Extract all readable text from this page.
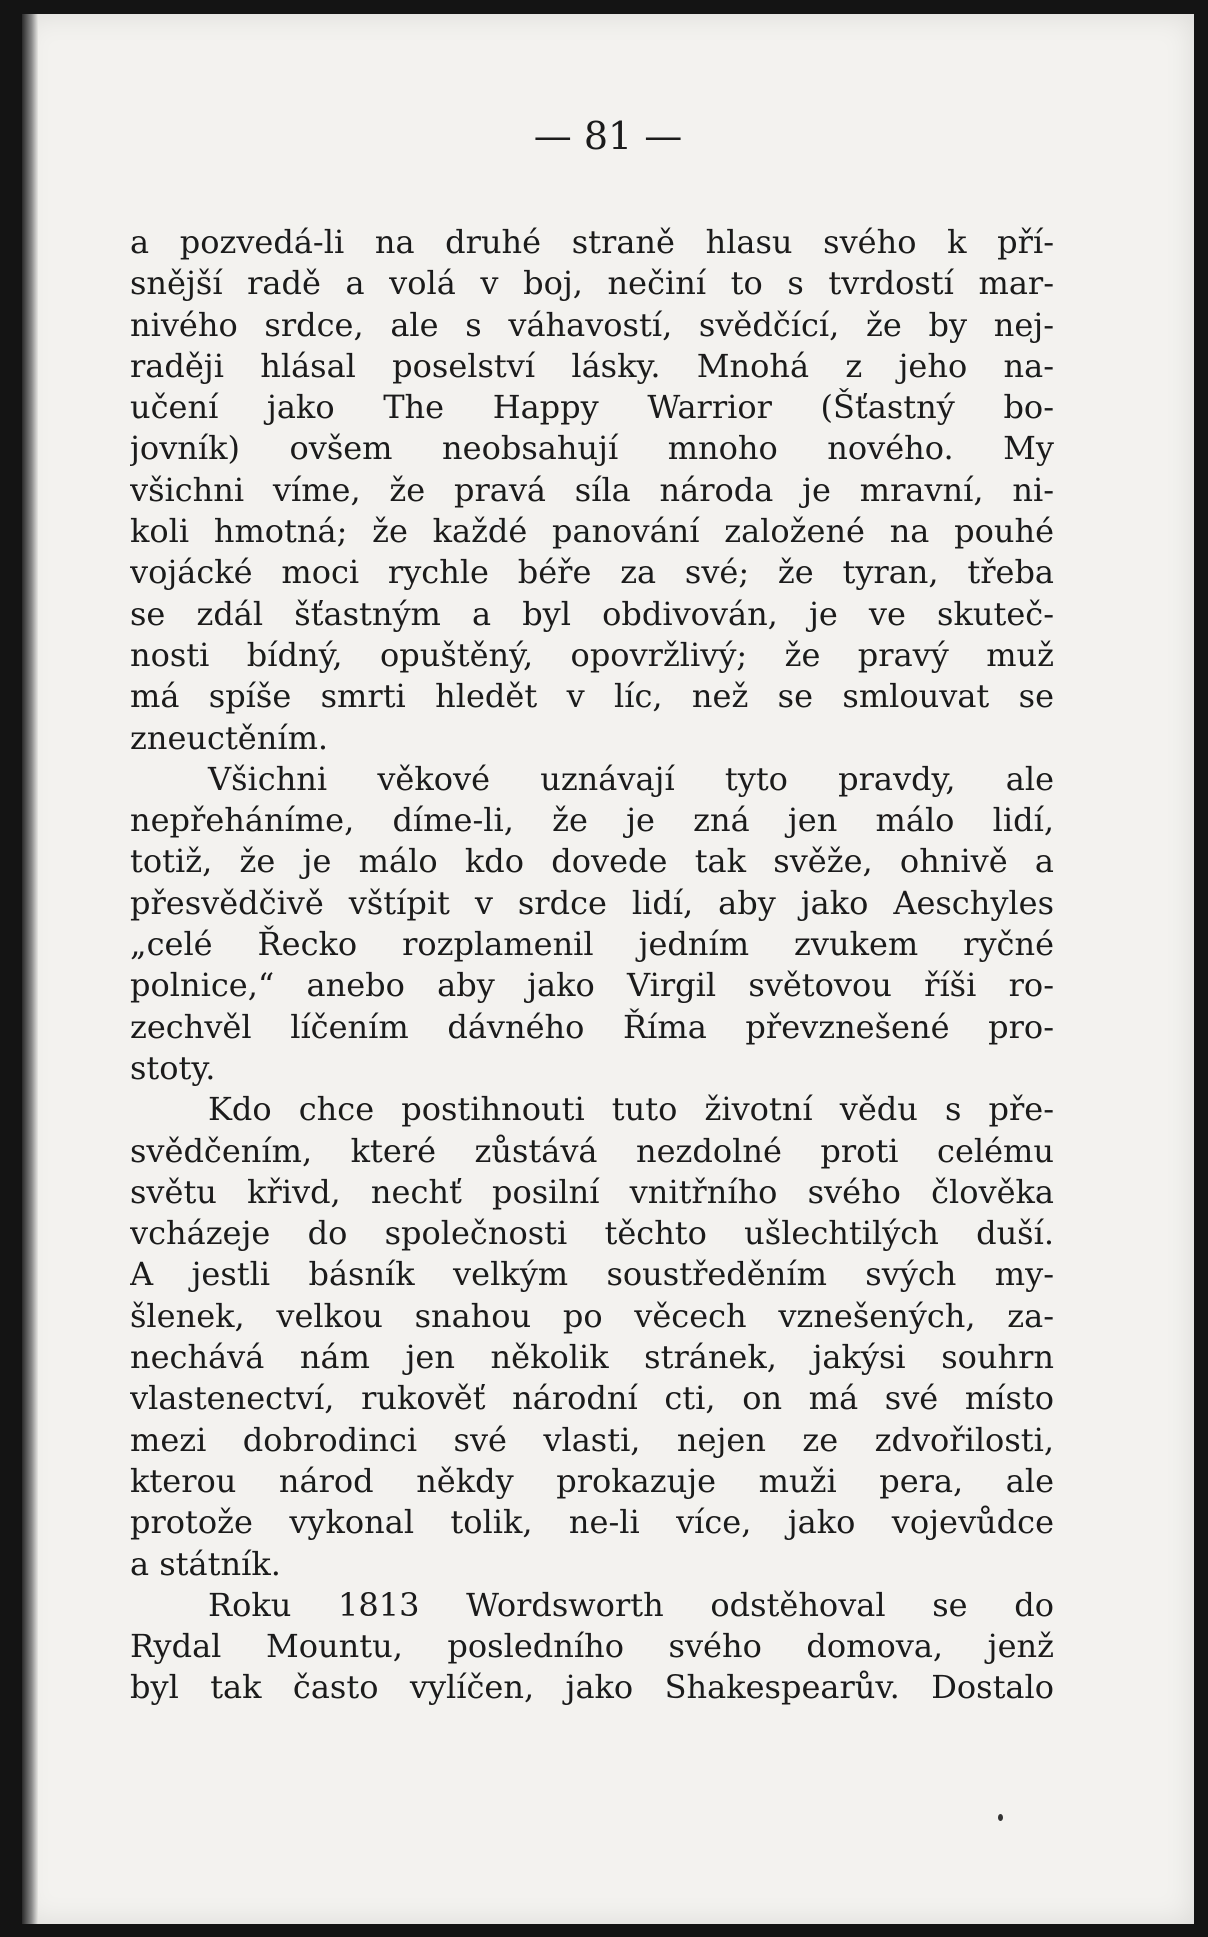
— 81 —
a pozvedá-li na druhé straně hlasu svého k pří-
snější radě a volá v boj, nečiní to s tvrdostí mar-
nivého srdce, ale s váhavostí, svědčící, že by nej-
raději hlásal poselství lásky. Mnohá z jeho na-
učení jako The Happy Warrior (Šťastný bo-
jovník) ovšem neobsahují mnoho nového. My
všichni víme, že pravá síla národa je mravní, ni-
koli hmotná; že každé panování založené na pouhé
vojácké moci rychle béře za své; že tyran, třeba
se zdál šťastným a byl obdivován, je ve skuteč-
nosti bídný, opuštěný, opovržlivý; že pravý muž
má spíše smrti hledět v líc, než se smlouvat se
zneuctěním.
Všichni věkové uznávají tyto pravdy, ale
nepřeháníme, díme-li, že je zná jen málo lidí,
totiž, že je málo kdo dovede tak svěže, ohnivě a
přesvědčivě vštípit v srdce lidí, aby jako Aeschyles
„celé Řecko rozplamenil jedním zvukem ryčné
polnice,“ anebo aby jako Virgil světovou říši ro-
zechvěl líčením dávného Říma převznešené pro-
stoty.
Kdo chce postihnouti tuto životní vědu s pře-
svědčením, které zůstává nezdolné proti celému
světu křivd, nechť posilní vnitřního svého člověka
vcházeje do společnosti těchto ušlechtilých duší.
A jestli básník velkým soustředěním svých my-
šlenek, velkou snahou po věcech vznešených, za-
nechává nám jen několik stránek, jakýsi souhrn
vlastenectví, rukověť národní cti, on má své místo
mezi dobrodinci své vlasti, nejen ze zdvořilosti,
kterou národ někdy prokazuje muži pera, ale
protože vykonal tolik, ne-li více, jako vojevůdce
a státník.
Roku 1813 Wordsworth odstěhoval se do
Rydal Mountu, posledního svého domova, jenž
byl tak často vylíčen, jako Shakespearův. Dostalo
